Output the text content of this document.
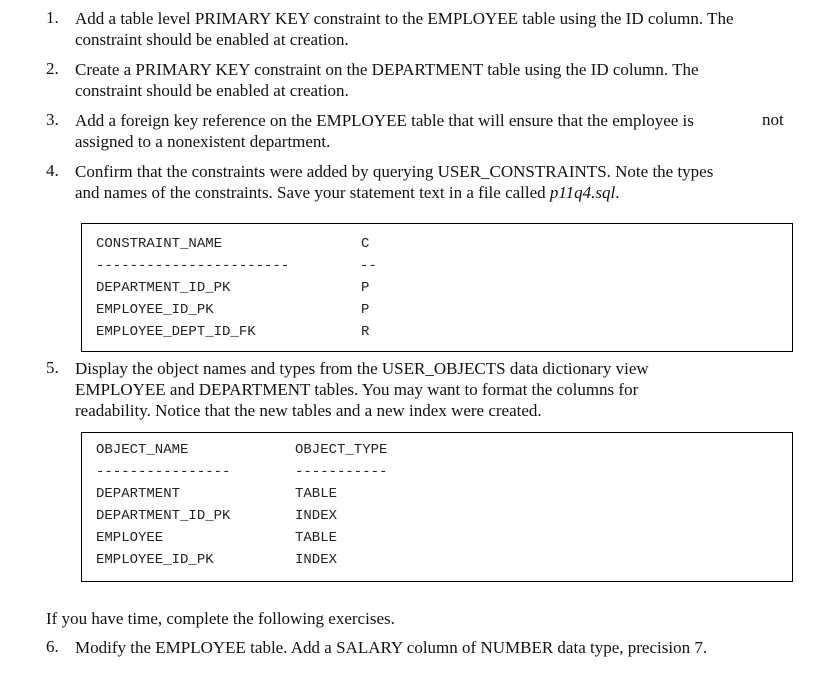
1. Add a table level PRIMARY KEY constraint to the EMPLOYEE table using the ID column. The
constraint should be enabled at creation.
2. Create a PRIMARY KEY constraint on the DEPARTMENT table using the ID column. The
constraint should be enabled at creation.
3. Add a foreign key reference on the EMPLOYEE table that will ensure that the employee is
assigned to a nonexistent department.
not
4. Confirm that the constraints were added by querying USER_CONSTRAINTS. Note the types
and names of the constraints. Save your statement text in a file called p11q4.sql.
CONSTRAINT_NAME	C
-----------------------	--
DEPARTMENT_ID_PK	P
EMPLOYEE_ID_PK	P
EMPLOYEE_DEPT_ID_FK	R
5. Display the object names and types from the USER_OBJECTS data dictionary view
EMPLOYEE and DEPARTMENT tables. You may want to format the columns for
readability. Notice that the new tables and a new index were created.
OBJECT_NAME	OBJECT_TYPE
----------------	-----------
DEPARTMENT	TABLE
DEPARTMENT_ID_PK	INDEX
EMPLOYEE	TABLE
EMPLOYEE_ID_PK	INDEX
If you have time, complete the following exercises.
6. Modify the EMPLOYEE table. Add a SALARY column of NUMBER data type, precision 7.
